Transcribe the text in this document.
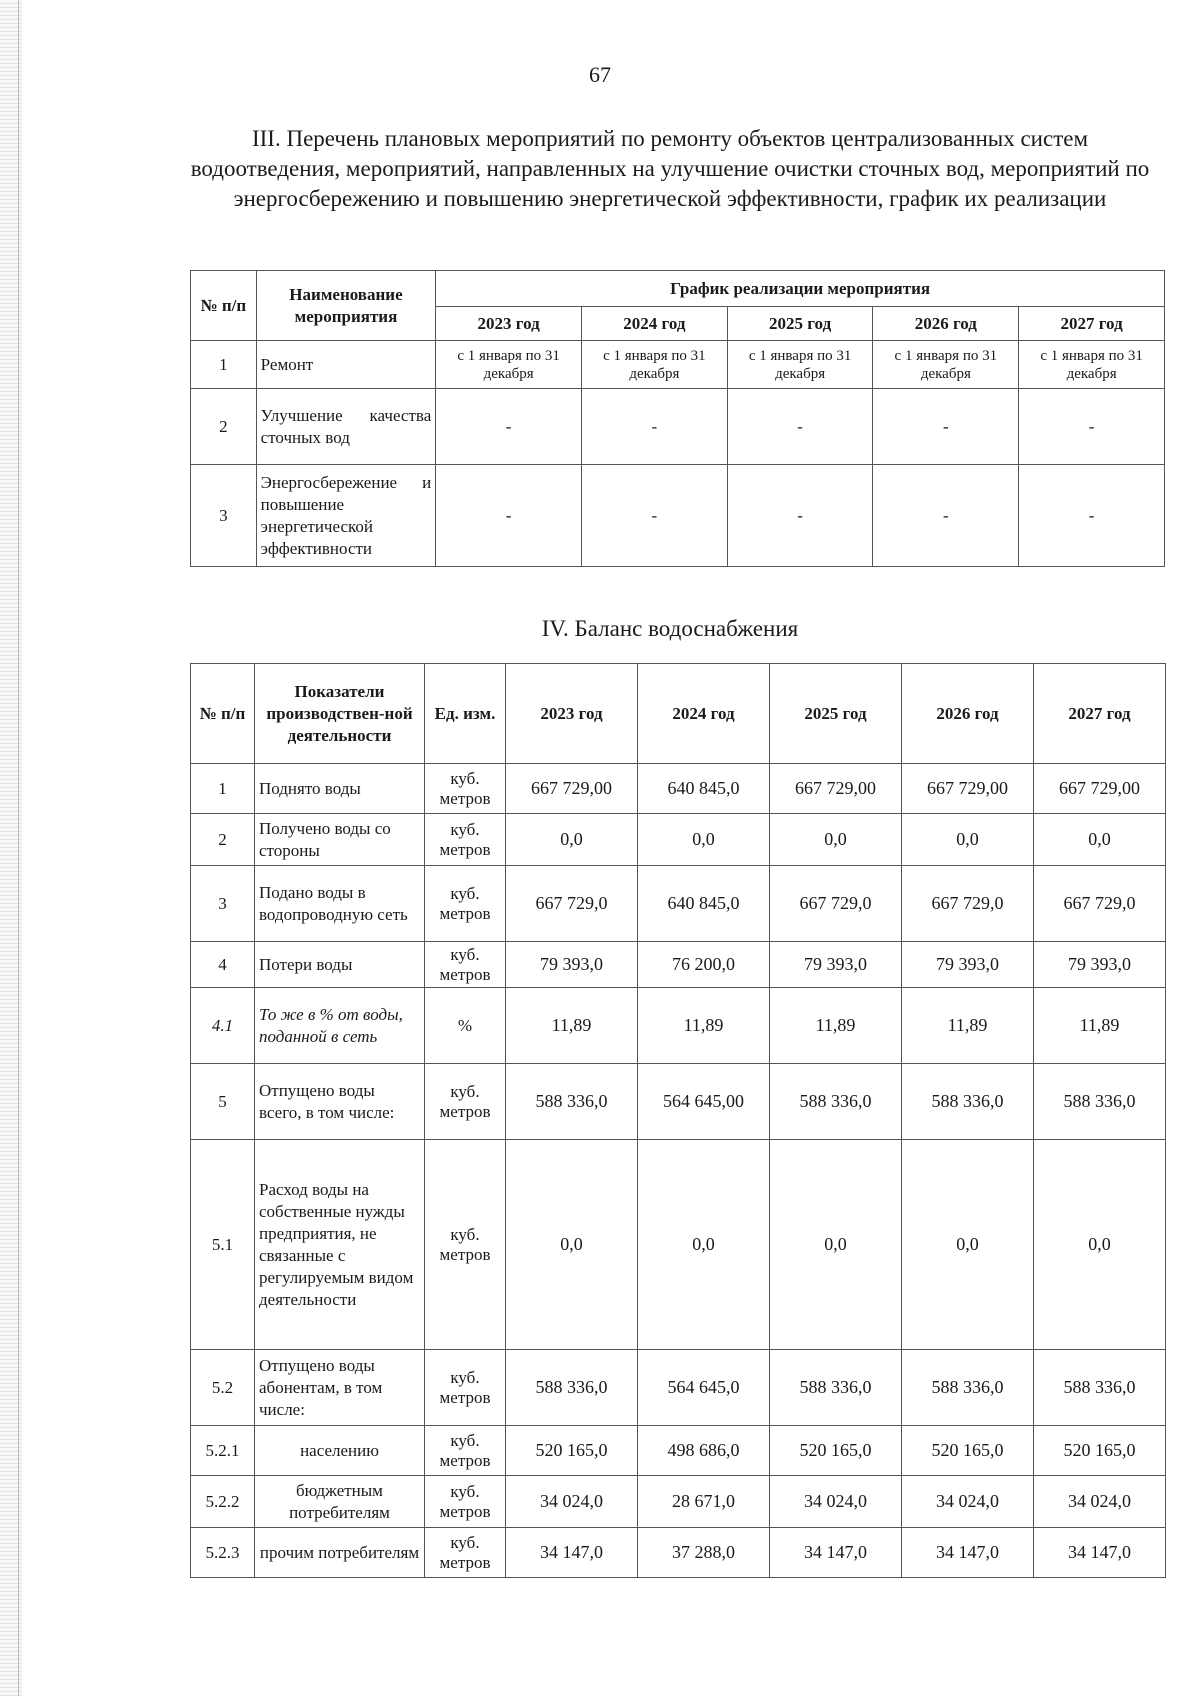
67
III. Перечень плановых мероприятий по ремонту объектов централизованных систем водоотведения, мероприятий, направленных на улучшение очистки сточных вод, мероприятий по энергосбережению и повышению энергетической эффективности, график их реализации
№ п/п	Наименование мероприятия	График реализации мероприятия				
		2023 год	2024 год	2025 год	2026 год	2027 год
1	Ремонт	с 1 января по 31 декабря	с 1 января по 31 декабря	с 1 января по 31 декабря	с 1 января по 31 декабря	с 1 января по 31 декабря
2	Улучшение качества сточных вод	-	-	-	-	-
3	Энергосбережение и повышение энергетической эффективности	-	-	-	-	-
IV. Баланс водоснабжения
№ п/п	Показатели производствен-ной деятельности	Ед. изм.	2023 год	2024 год	2025 год	2026 год	2027 год
1	Поднято воды	куб. метров	667 729,00	640 845,0	667 729,00	667 729,00	667 729,00
2	Получено воды со стороны	куб. метров	0,0	0,0	0,0	0,0	0,0
3	Подано воды в водопроводную сеть	куб. метров	667 729,0	640 845,0	667 729,0	667 729,0	667 729,0
4	Потери воды	куб. метров	79 393,0	76 200,0	79 393,0	79 393,0	79 393,0
4.1	То же в % от воды, поданной в сеть	%	11,89	11,89	11,89	11,89	11,89
5	Отпущено воды всего, в том числе:	куб. метров	588 336,0	564 645,00	588 336,0	588 336,0	588 336,0
5.1	Расход воды на собственные нужды предприятия, не связанные с регулируемым видом деятельности	куб. метров	0,0	0,0	0,0	0,0	0,0
5.2	Отпущено воды абонентам, в том числе:	куб. метров	588 336,0	564 645,0	588 336,0	588 336,0	588 336,0
5.2.1	населению	куб. метров	520 165,0	498 686,0	520 165,0	520 165,0	520 165,0
5.2.2	бюджетным потребителям	куб. метров	34 024,0	28 671,0	34 024,0	34 024,0	34 024,0
5.2.3	прочим потребителям	куб. метров	34 147,0	37 288,0	34 147,0	34 147,0	34 147,0
